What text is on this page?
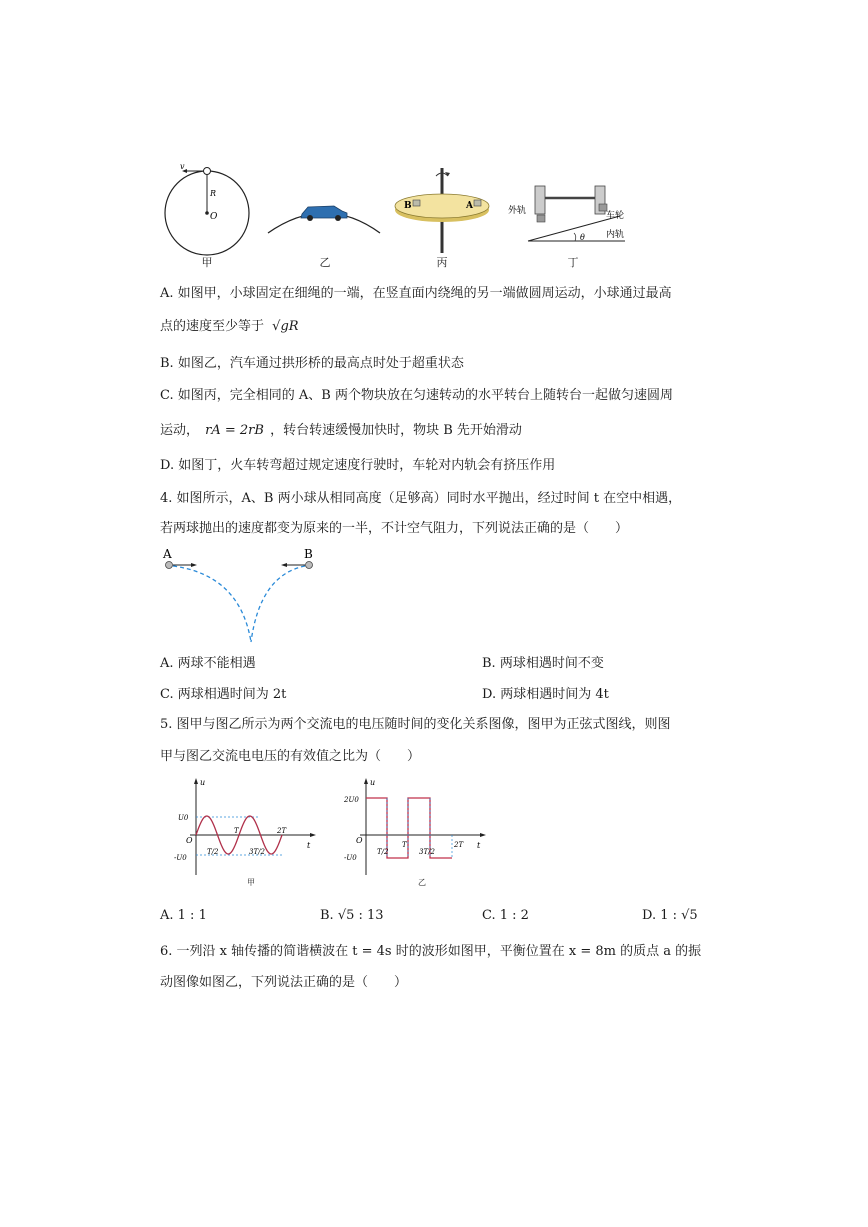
v
R
O
B	A	外轨	车轮
内轨
θ
甲	乙	丙	丁
A. 如图甲，小球固定在细绳的一端，在竖直面内绕绳的另一端做圆周运动，小球通过最高
点的速度至少等于 √gR
B. 如图乙，汽车通过拱形桥的最高点时处于超重状态
C. 如图丙，完全相同的 A、B 两个物块放在匀速转动的水平转台上随转台一起做匀速圆周
运动， rA = 2rB ，转台转速缓慢加快时，物块 B 先开始滑动
D. 如图丁，火车转弯超过规定速度行驶时，车轮对内轨会有挤压作用
4. 如图所示，A、B 两小球从相同高度（足够高）同时水平抛出，经过时间 t 在空中相遇，
若两球抛出的速度都变为原来的一半，不计空气阻力，下列说法正确的是（　　）
A	B
A. 两球不能相遇	B. 两球相遇时间不变
C. 两球相遇时间为 2t	D. 两球相遇时间为 4t
5. 图甲与图乙所示为两个交流电的电压随时间的变化关系图像，图甲为正弦式图线，则图
甲与图乙交流电电压的有效值之比为（　　）
u
t
O
U0
-U0
T/2
T
3T/2
2T
甲
u
t
O
2U0
-U0
T/2
T
3T/2
2T
乙
A. 1 : 1	B. √5 : 13	C. 1 : 2	D. 1 : √5
6. 一列沿 x 轴传播的简谐横波在 t = 4s 时的波形如图甲，平衡位置在 x = 8m 的质点 a 的振
动图像如图乙，下列说法正确的是（　　）
